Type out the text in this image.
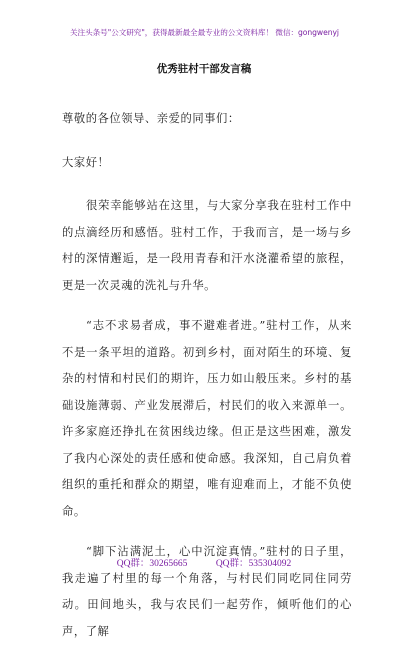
关注头条号"公文研究"，获得最新最全最专业的公文资料库！ 微信：gongwenyj
优秀驻村干部发言稿

尊敬的各位领导、亲爱的同事们：

大家好！

很荣幸能够站在这里，与大家分享我在驻村工作中的点滴经历和感悟。驻村工作，于我而言，是一场与乡村的深情邂逅，是一段用青春和汗水浇灌希望的旅程，更是一次灵魂的洗礼与升华。

“志不求易者成，事不避难者进。”驻村工作，从来不是一条平坦的道路。初到乡村，面对陌生的环境、复杂的村情和村民们的期许，压力如山般压来。乡村的基础设施薄弱、产业发展滞后，村民们的收入来源单一。许多家庭还挣扎在贫困线边缘。但正是这些困难，激发了我内心深处的责任感和使命感。我深知，自己肩负着组织的重托和群众的期望，唯有迎难而上，才能不负使命。

“脚下沾满泥土，心中沉淀真情。”驻村的日子里，我走遍了村里的每一个角落，与村民们同吃同住同劳动。田间地头，我与农民们一起劳作，倾听他们的心声，了解

QQ群：30265665	QQ群：535304092
